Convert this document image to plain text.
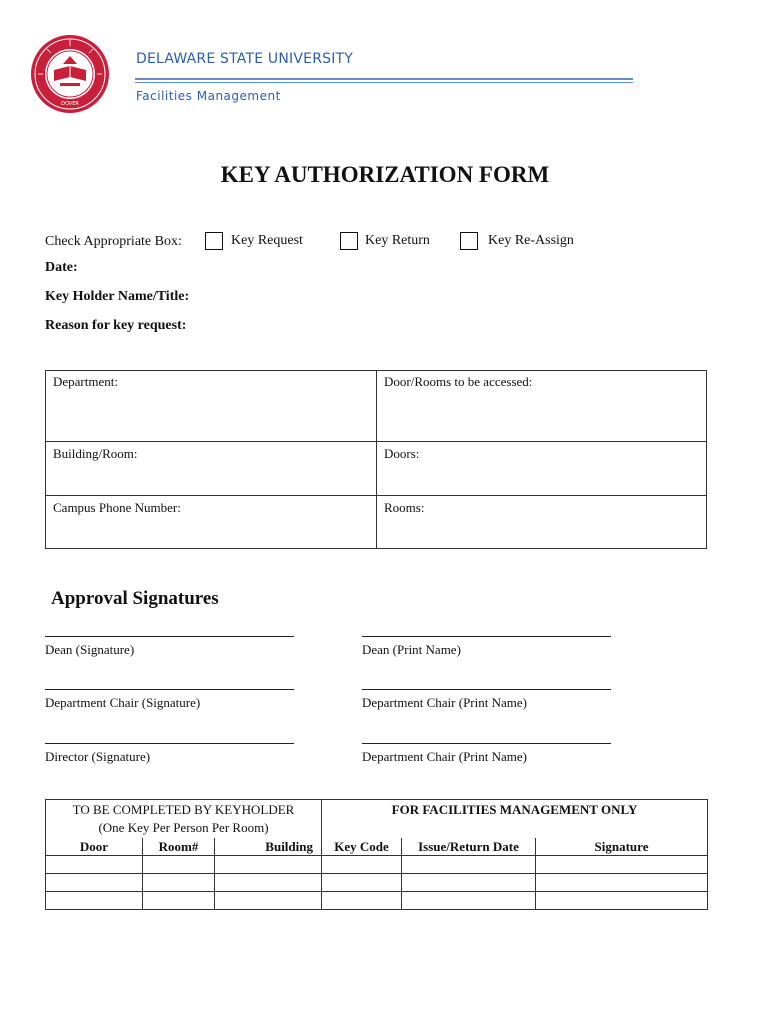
DOVER
DELAWARE STATE UNIVERSITY
Facilities Management
KEY AUTHORIZATION FORM
Check Appropriate Box:	Key Request	Key Return	Key Re-Assign
Date:
Key Holder Name/Title:
Reason for key request:
Department:	Door/Rooms to be accessed:
Building/Room:	Doors:
Campus Phone Number:	Rooms:
Approval Signatures
Dean (Signature)	Dean (Print Name)
Department Chair (Signature)	Department Chair (Print Name)
Director (Signature)	Department Chair (Print Name)
TO BE COMPLETED BY KEYHOLDER
(One Key Per Person Per Room)			FOR FACILITIES MANAGEMENT ONLY		
Door	Room#	Building	Key Code	Issue/Return Date	Signature
